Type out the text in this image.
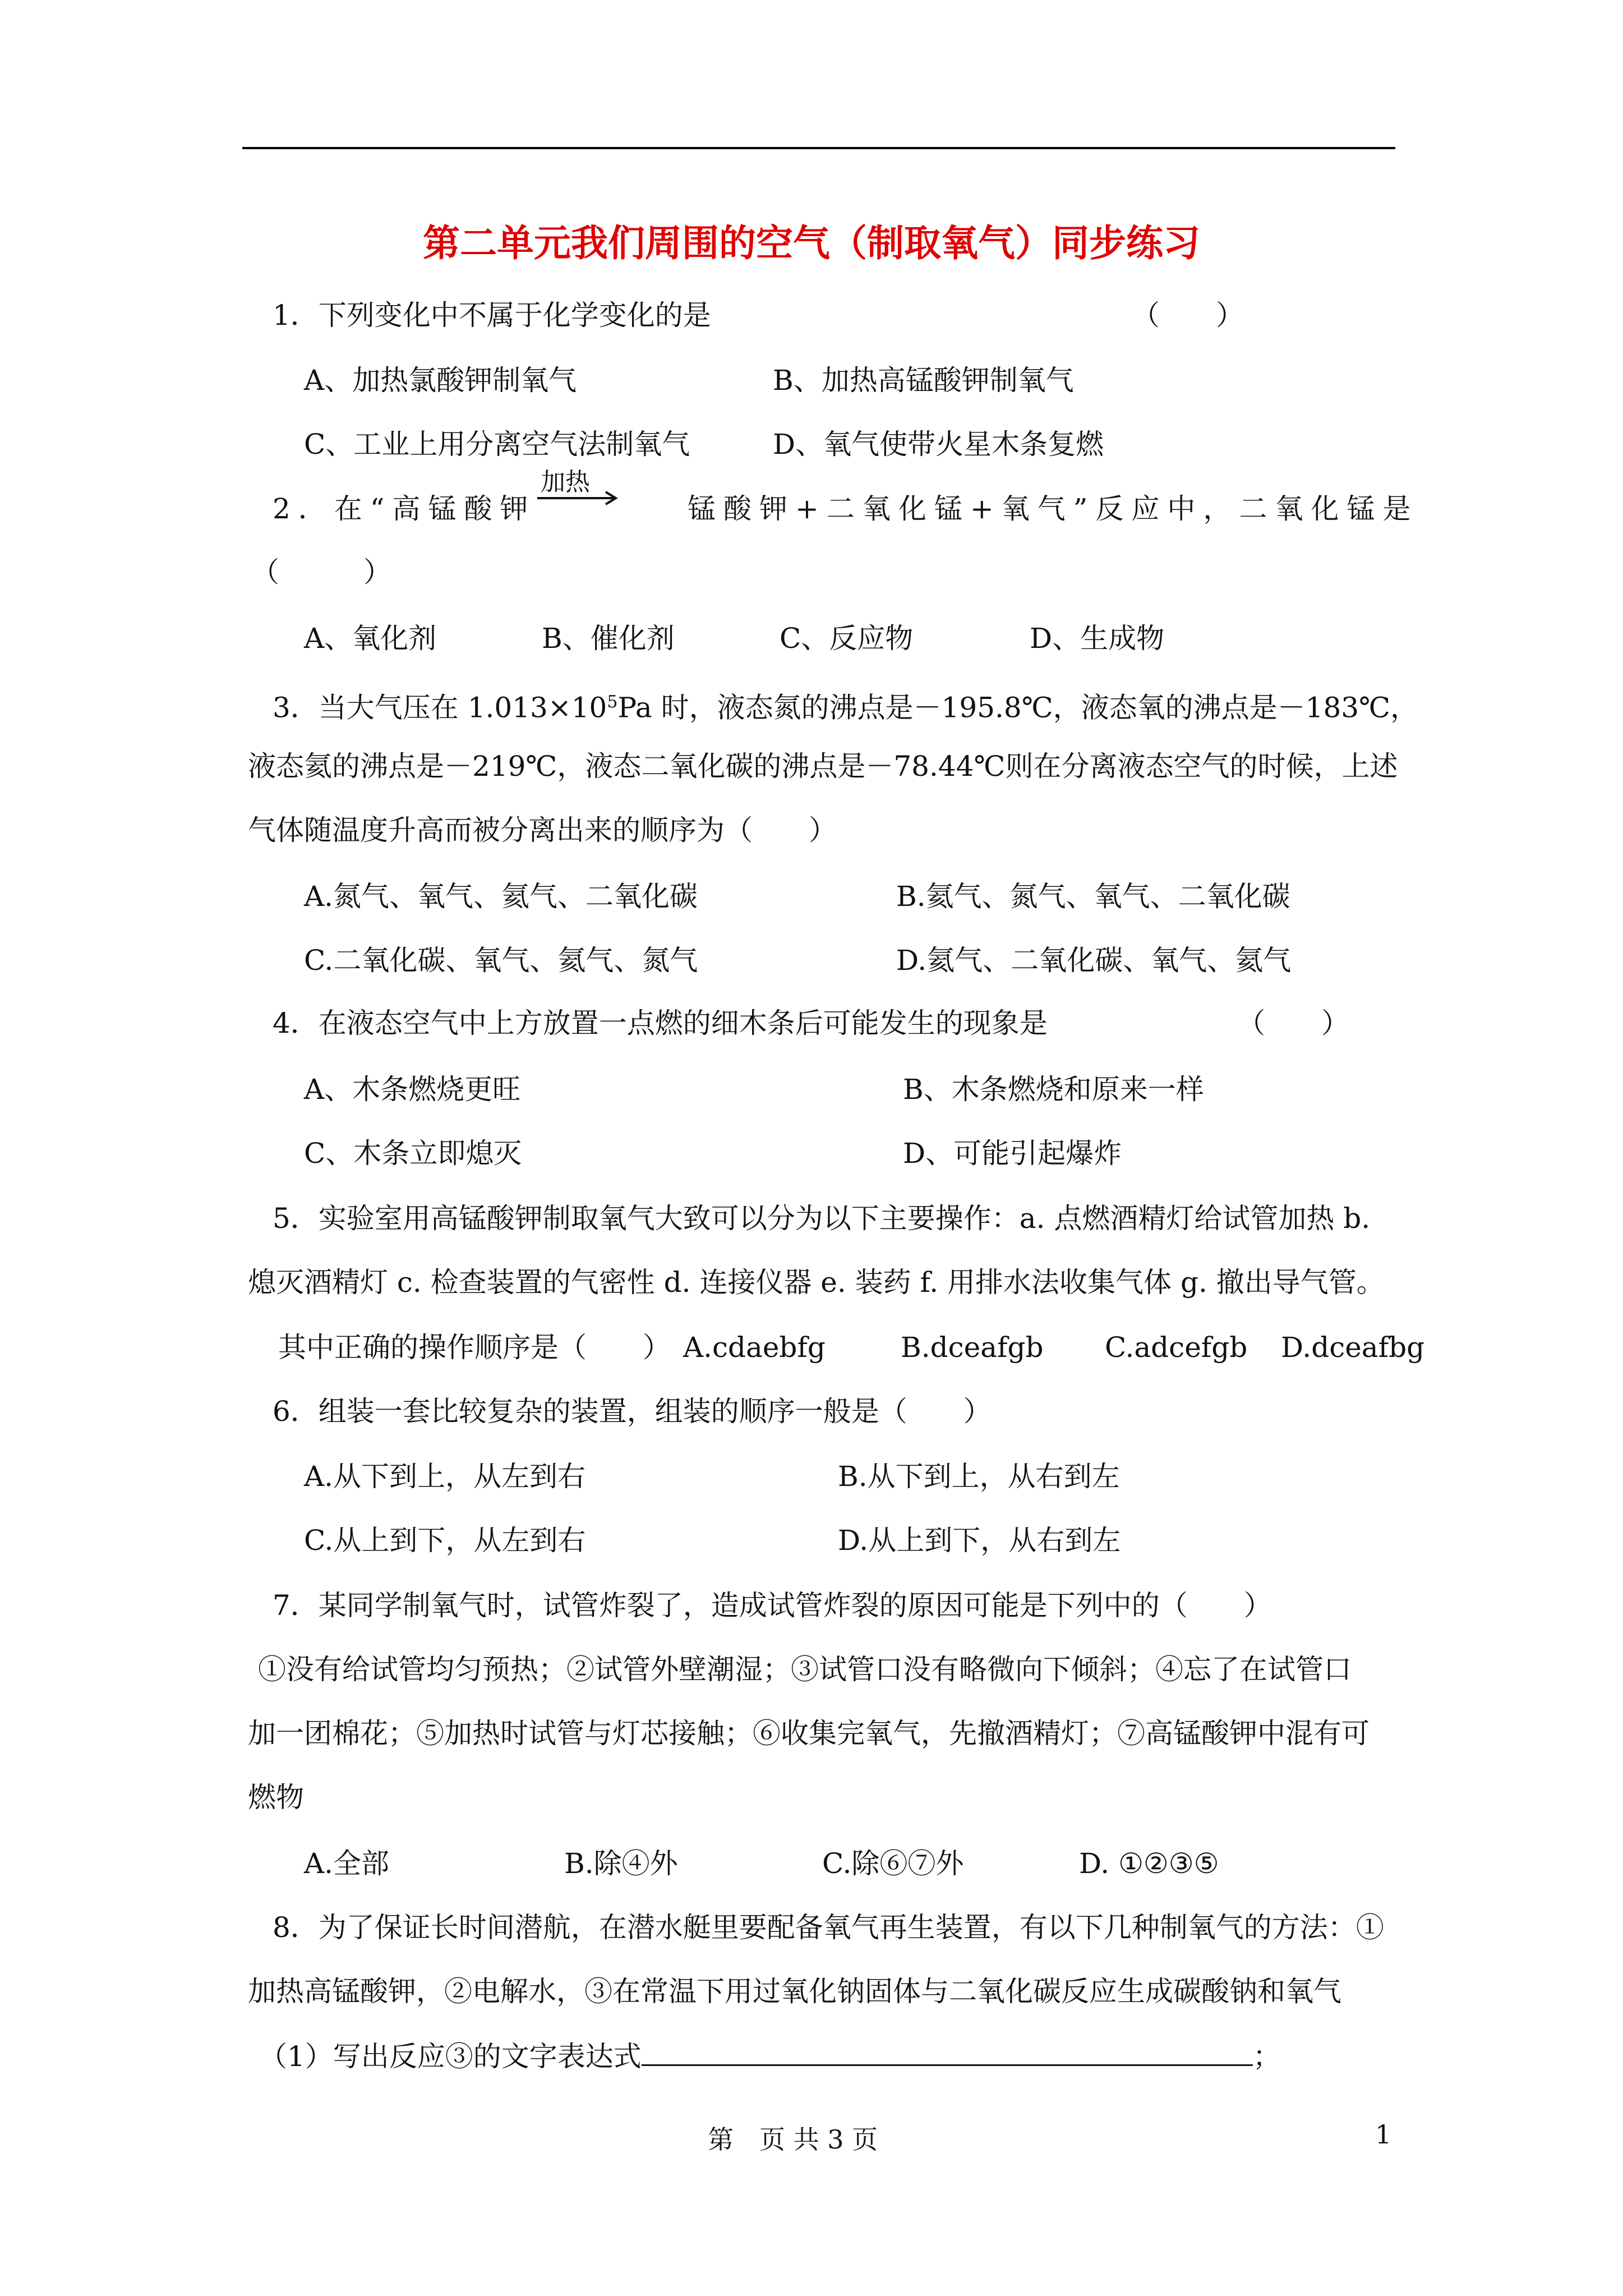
第二单元我们周围的空气（制取氧气）同步练习
1．下列变化中不属于化学变化的是	（　　）
A、加热氯酸钾制氧气	B、加热高锰酸钾制氧气
C、工业上用分离空气法制氧气	D、氧气使带火星木条复燃
2．在“高锰酸钾
加热
锰酸钾+二氧化锰+氧气”反应中，二氧化锰是
（　　　）
A、氧化剂	B、催化剂	C、反应物	D、生成物
3．当大气压在 $1.013\times 10^5Pa$ 时，液态氮的沸点是－195.8℃，液态氧的沸点是－183℃，
液态氦的沸点是－219℃，液态二氧化碳的沸点是－78.44℃则在分离液态空气的时候，上述
气体随温度升高而被分离出来的顺序为（　　）
A.氮气、氧气、氦气、二氧化碳	B.氦气、氮气、氧气、二氧化碳
C.二氧化碳、氧气、氦气、氮气	D.氦气、二氧化碳、氧气、氦气
4．在液态空气中上方放置一点燃的细木条后可能发生的现象是	（　　）
A、木条燃烧更旺	B、木条燃烧和原来一样
C、木条立即熄灭	D、可能引起爆炸
5．实验室用高锰酸钾制取氧气大致可以分为以下主要操作：a. 点燃酒精灯给试管加热 b.
熄灭酒精灯 c. 检查装置的气密性 d. 连接仪器 e. 装药 f. 用排水法收集气体 g. 撤出导气管。
其中正确的操作顺序是（　　） A.cdaebfg	B.dceafgb C.adcefgb D.dceafbg
6．组装一套比较复杂的装置，组装的顺序一般是（　　）
A.从下到上，从左到右	B.从下到上，从右到左
C.从上到下，从左到右	D.从上到下，从右到左
7．某同学制氧气时，试管炸裂了，造成试管炸裂的原因可能是下列中的（　　）
①没有给试管均匀预热；②试管外壁潮湿；③试管口没有略微向下倾斜；④忘了在试管口
加一团棉花；⑤加热时试管与灯芯接触；⑥收集完氧气，先撤酒精灯；⑦高锰酸钾中混有可
燃物
A.全部	B.除④外	C.除⑥⑦外	D. ①②③⑤
8．为了保证长时间潜航，在潜水艇里要配备氧气再生装置，有以下几种制氧气的方法：①
加热高锰酸钾，②电解水，③在常温下用过氧化钠固体与二氧化碳反应生成碳酸钠和氧气
（1）写出反应③的文字表达式	；
第　页 共 3 页	1
